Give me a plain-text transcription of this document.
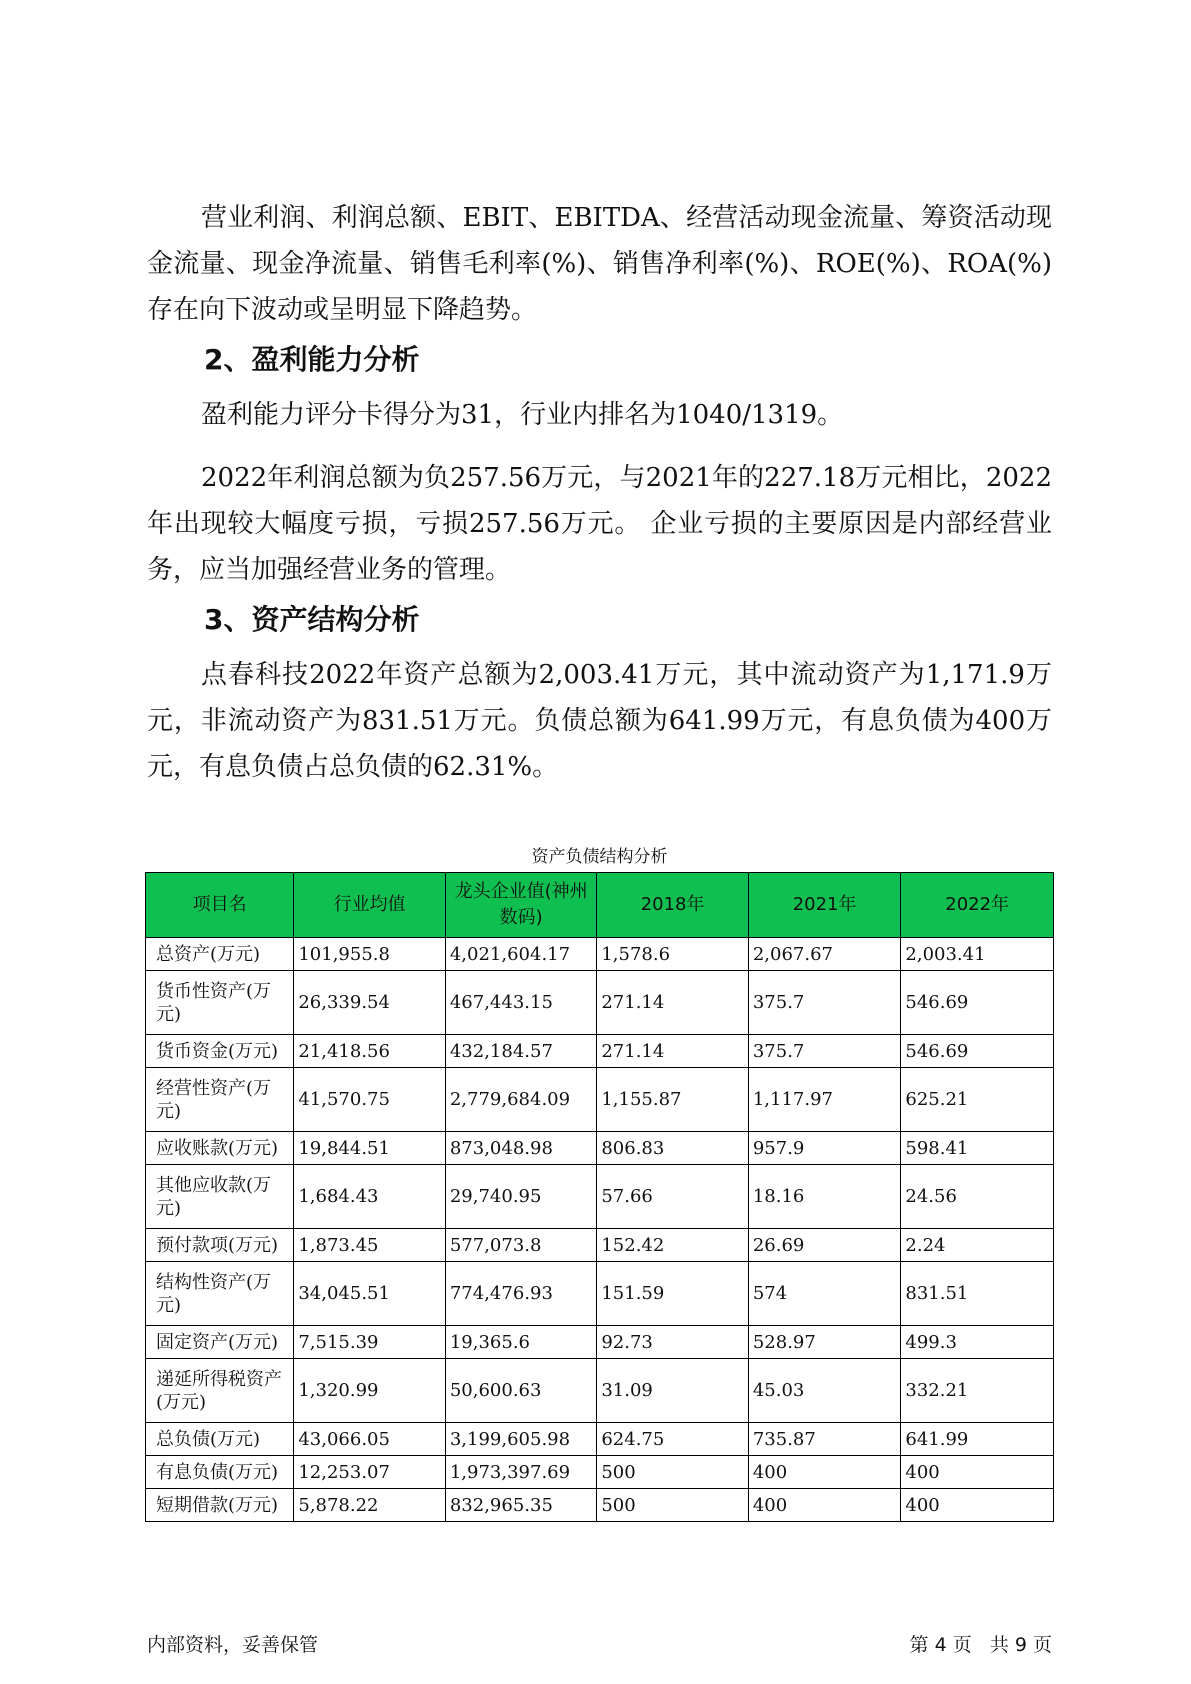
营业利润、利润总额、EBIT、EBITDA、经营活动现金流量、筹资活动现金流量、现金净流量、销售毛利率(%)、销售净利率(%)、ROE(%)、ROA(%)存在向下波动或呈明显下降趋势。

2、盈利能力分析

盈利能力评分卡得分为31，行业内排名为1040/1319。

2022年利润总额为负257.56万元，与2021年的227.18万元相比，2022年出现较大幅度亏损，亏损257.56万元。 企业亏损的主要原因是内部经营业务，应当加强经营业务的管理。

3、资产结构分析

点春科技2022年资产总额为2,003.41万元，其中流动资产为1,171.9万元，非流动资产为831.51万元。负债总额为641.99万元，有息负债为400万元，有息负债占总负债的62.31%。

资产负债结构分析

项目名	行业均值	龙头企业值(神州数码)	2018年	2021年	2022年
总资产(万元)	101,955.8	4,021,604.17	1,578.6	2,067.67	2,003.41
货币性资产(万元)	26,339.54	467,443.15	271.14	375.7	546.69
货币资金(万元)	21,418.56	432,184.57	271.14	375.7	546.69
经营性资产(万元)	41,570.75	2,779,684.09	1,155.87	1,117.97	625.21
应收账款(万元)	19,844.51	873,048.98	806.83	957.9	598.41
其他应收款(万元)	1,684.43	29,740.95	57.66	18.16	24.56
预付款项(万元)	1,873.45	577,073.8	152.42	26.69	2.24
结构性资产(万元)	34,045.51	774,476.93	151.59	574	831.51
固定资产(万元)	7,515.39	19,365.6	92.73	528.97	499.3
递延所得税资产(万元)	1,320.99	50,600.63	31.09	45.03	332.21
总负债(万元)	43,066.05	3,199,605.98	624.75	735.87	641.99
有息负债(万元)	12,253.07	1,973,397.69	500	400	400
短期借款(万元)	5,878.22	832,965.35	500	400	400

内部资料，妥善保管	第 4 页   共 9 页
